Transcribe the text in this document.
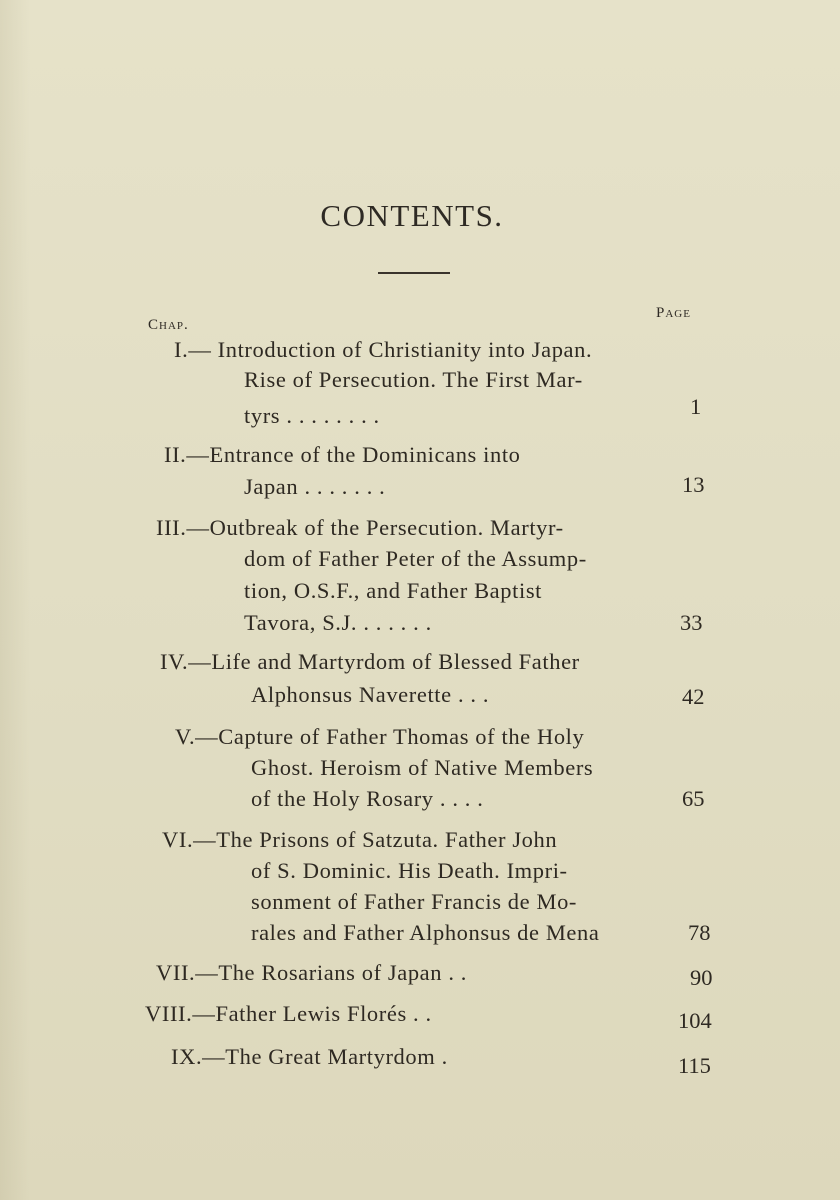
CONTENTS.
Chap.
Page
I.— Introduction of Christianity into Japan.
Rise of Persecution. The First Mar-
tyrs . . . . . . . .	1
II.—Entrance of the Dominicans into
Japan . . . . . . .	13
III.—Outbreak of the Persecution. Martyr-
dom of Father Peter of the Assump-
tion, O.S.F., and Father Baptist
Tavora, S.J. . . . . . .	33
IV.—Life and Martyrdom of Blessed Father
Alphonsus Naverette . . .	42
V.—Capture of Father Thomas of the Holy
Ghost. Heroism of Native Members
of the Holy Rosary . . . .	65
VI.—The Prisons of Satzuta. Father John
of S. Dominic. His Death. Impri-
sonment of Father Francis de Mo-
rales and Father Alphonsus de Mena	78
VII.—The Rosarians of Japan . .	90
VIII.—Father Lewis Florés . .	104
IX.—The Great Martyrdom .	115
